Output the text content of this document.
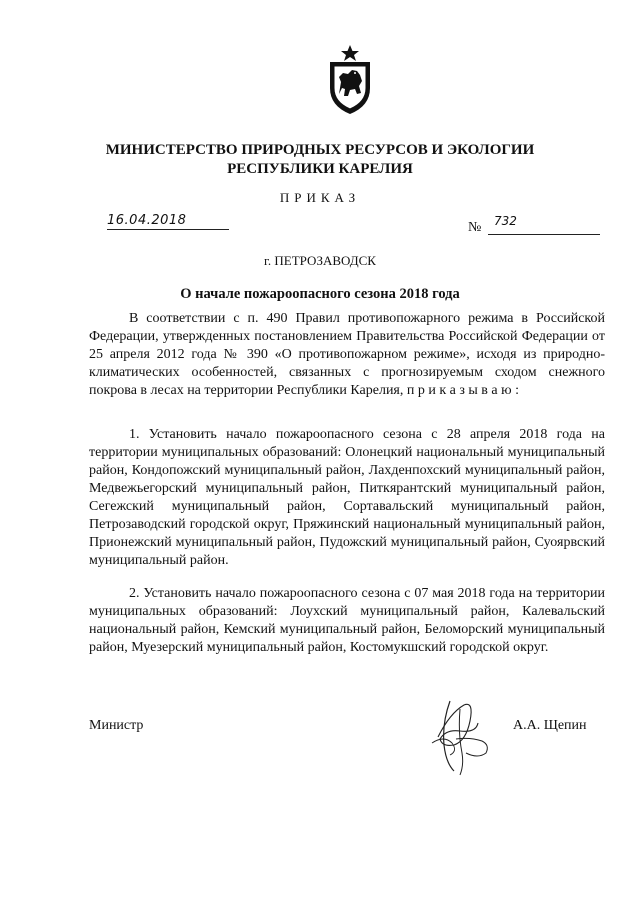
МИНИСТЕРСТВО ПРИРОДНЫХ РЕСУРСОВ И ЭКОЛОГИИ
РЕСПУБЛИКИ КАРЕЛИЯ
ПРИКАЗ
16.04.2018	№ 732
г. ПЕТРОЗАВОДСК
О начале пожароопасного сезона 2018 года
В соответствии с п. 490 Правил противопожарного режима в Российской Федерации, утвержденных постановлением Правительства Российской Федерации от 25 апреля 2012 года № 390 «О противопожарном режиме», исходя из природно-климатических особенностей, связанных с прогнозируемым сходом снежного покрова в лесах на территории Республики Карелия, п р и к а з ы в а ю :
1. Установить начало пожароопасного сезона с 28 апреля 2018 года на территории муниципальных образований: Олонецкий национальный муниципальный район, Кондопожский муниципальный район, Лахденпохский муниципальный район, Медвежьегорский муниципальный район, Питкярантский муниципальный район, Сегежский муниципальный район, Сортавальский муниципальный район, Петрозаводский городской округ, Пряжинский национальный муниципальный район, Прионежский муниципальный район, Пудожский муниципальный район, Суоярвский муниципальный район.
2. Установить начало пожароопасного сезона с 07 мая 2018 года на территории муниципальных образований: Лоухский муниципальный район, Калевальский национальный район, Кемский муниципальный район, Беломорский муниципальный район, Муезерский муниципальный район, Костомукшский городской округ.
Министр	А.А. Щепин
